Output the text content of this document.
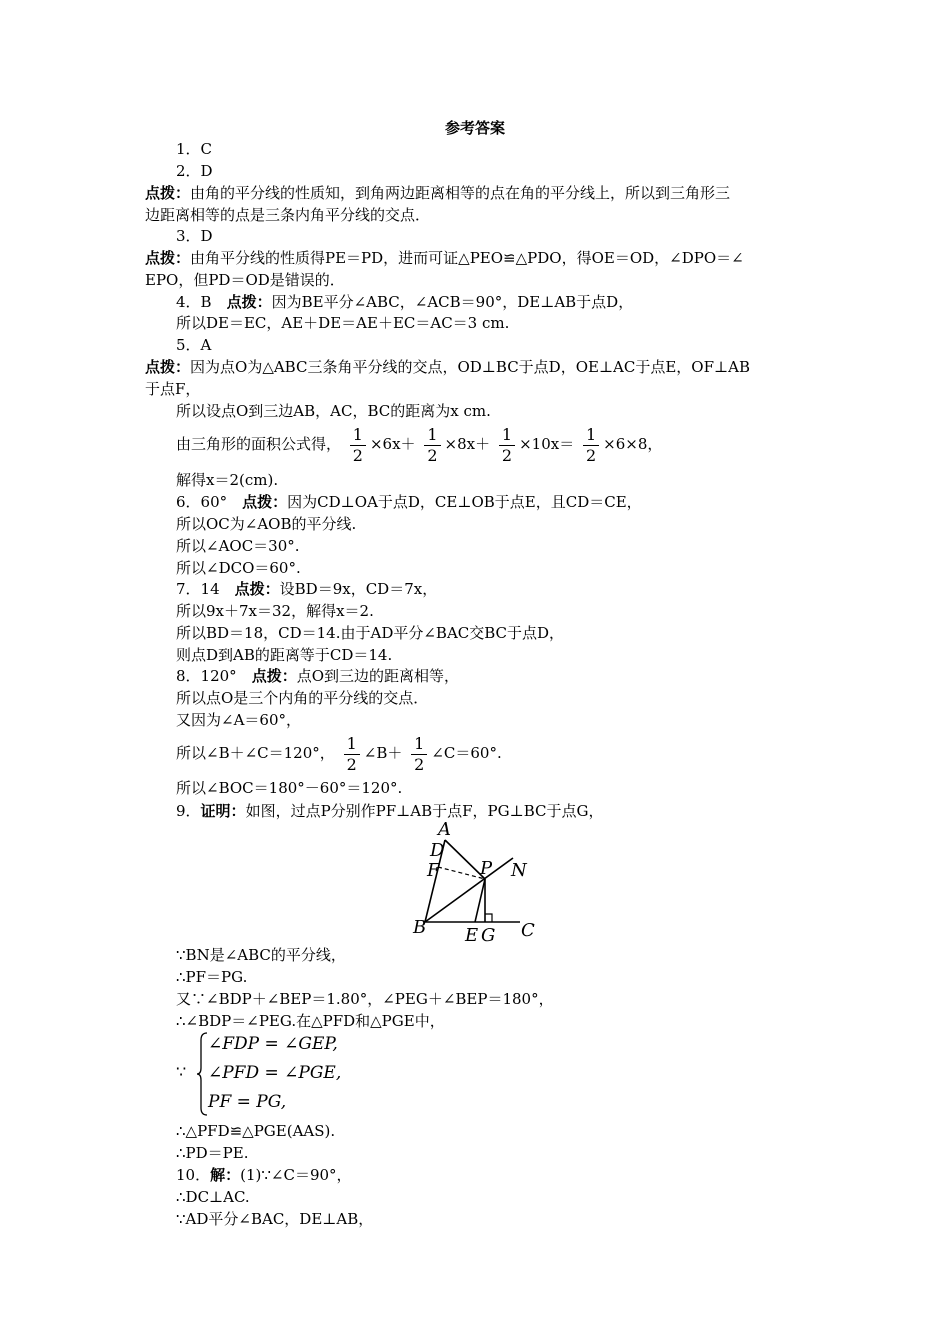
参考答案
1．C
2．D
点拨：由角的平分线的性质知，到角两边距离相等的点在角的平分线上，所以到三角形三
边距离相等的点是三条内角平分线的交点．
3．D
点拨：由角平分线的性质得PE＝PD，进而可证△PEO≌△PDO，得OE＝OD，∠DPO＝∠
EPO，但PD＝OD是错误的．
4．B　点拨：因为BE平分∠ABC，∠ACB＝90°，DE⊥AB于点D，
所以DE＝EC，AE＋DE＝AE＋EC＝AC＝3 cm.
5．A
点拨：因为点O为△ABC三条角平分线的交点，OD⊥BC于点D，OE⊥AC于点E，OF⊥AB
于点F，
所以设点O到三边AB，AC，BC的距离为x cm.
由三角形的面积公式得， $\frac{1}{2} \times 6x+ \frac{1}{2} \times 8x+ \frac{1}{2} \times 10x= \frac{1}{2} \times 6\times 8$，
解得x＝2(cm).
6．60°　点拨：因为CD⊥OA于点D，CE⊥OB于点E，且CD＝CE，
所以OC为∠AOB的平分线.
所以∠AOC＝30°.
所以∠DCO＝60°.
7．14　点拨：设BD＝9x，CD＝7x，
所以9x＋7x＝32，解得x＝2.
所以BD＝18，CD＝14.由于AD平分∠BAC交BC于点D，
则点D到AB的距离等于CD＝14.
8．120°　点拨：点O到三边的距离相等，
所以点O是三个内角的平分线的交点．
又因为∠A＝60°，
所以∠B＋∠C＝120°， $\frac{1}{2}$ ∠B＋ $\frac{1}{2}$ ∠C＝60°.
所以∠BOC＝180°－60°＝120°.
9．证明：如图，过点P分别作PF⊥AB于点F，PG⊥BC于点G，
A
D
F P N
B E G C
∵BN是∠ABC的平分线，
∴PF＝PG.
又∵∠BDP＋∠BEP＝1.80°，∠PEG＋∠BEP＝180°，
∴∠BDP＝∠PEG.在△PFD和△PGE中，
∵
∠FDP = ∠GEP,
∠PFD = ∠PGE,
PF = PG,
∴△PFD≌△PGE(AAS).
∴PD＝PE.
10．解：(1)∵∠C＝90°，
∴DC⊥AC.
∵AD平分∠BAC，DE⊥AB，
